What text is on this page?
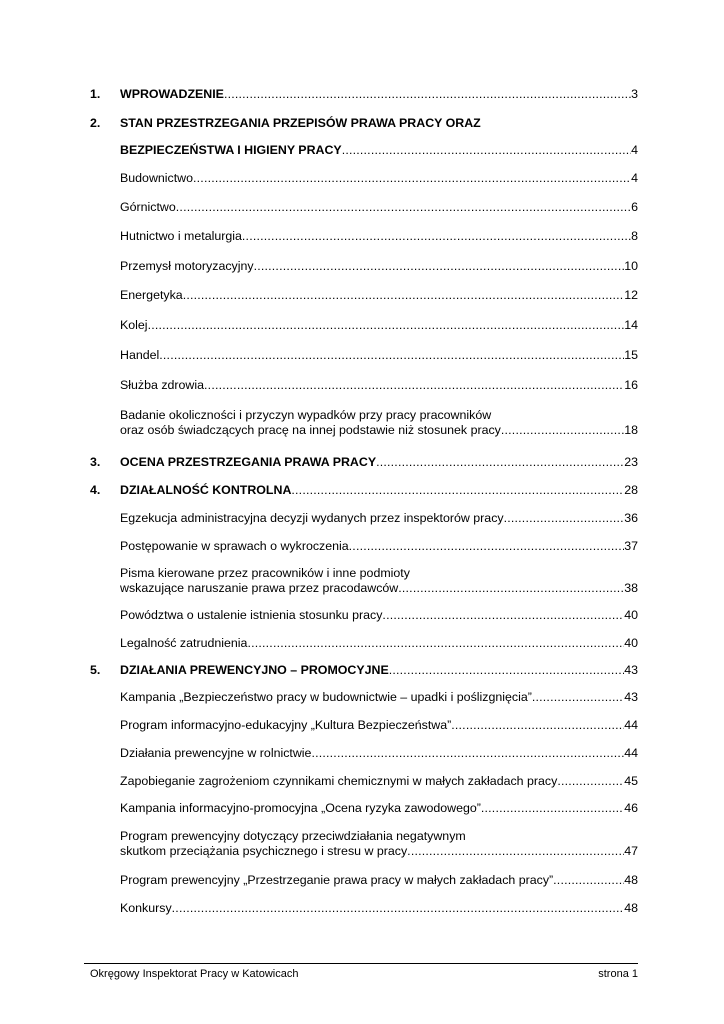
1. WPROWADZENIE .....	3
2. STAN PRZESTRZEGANIA PRZEPISÓW PRAWA PRACY ORAZ
BEZPIECZEŃSTWA I HIGIENY PRACY .....	4
Budownictwo .....	4
Górnictwo .....	6
Hutnictwo i metalurgia .....	8
Przemysł motoryzacyjny .....	10
Energetyka .....	12
Kolej .....	14
Handel .....	15
Służba zdrowia .....	16
Badanie okoliczności i przyczyn wypadków przy pracy pracowników
oraz osób świadczących pracę na innej podstawie niż stosunek pracy .....	18
3. OCENA PRZESTRZEGANIA PRAWA PRACY .....	23
4. DZIAŁALNOŚĆ KONTROLNA .....	28
Egzekucja administracyjna decyzji wydanych przez inspektorów pracy .....	36
Postępowanie w sprawach o wykroczenia .....	37
Pisma kierowane przez pracowników i inne podmioty
wskazujące naruszanie prawa przez pracodawców .....	38
Powództwa o ustalenie istnienia stosunku pracy .....	40
Legalność zatrudnienia .....	40
5. DZIAŁANIA PREWENCYJNO – PROMOCYJNE .....	43
Kampania „Bezpieczeństwo pracy w budownictwie – upadki i poślizgnięcia” .....	43
Program informacyjno-edukacyjny „Kultura Bezpieczeństwa” .....	44
Działania prewencyjne w rolnictwie .....	44
Zapobieganie zagrożeniom czynnikami chemicznymi w małych zakładach pracy .....	45
Kampania informacyjno-promocyjna „Ocena ryzyka zawodowego” .....	46
Program prewencyjny dotyczący przeciwdziałania negatywnym
skutkom przeciążania psychicznego i stresu w pracy .....	47
Program prewencyjny „Przestrzeganie prawa pracy w małych zakładach pracy” .....	48
Konkursy .....	48
Okręgowy Inspektorat Pracy w Katowicach	strona 1
